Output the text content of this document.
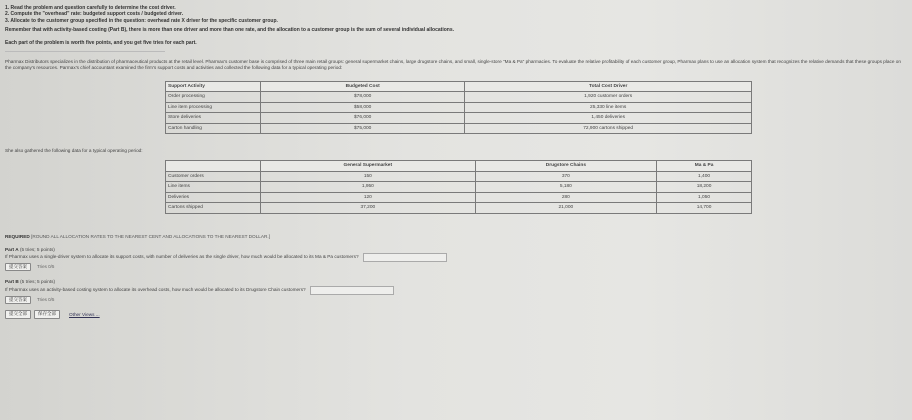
1. Read the problem and question carefully to determine the cost driver.
2. Compute the "overhead" rate: budgeted support costs / budgeted driver.
3. Allocate to the customer group specified in the question: overhead rate X driver for the specific customer group.
Remember that with activity-based costing (Part B), there is more than one driver and more than one rate, and the allocation to a customer group is the sum of several individual allocations.
Each part of the problem is worth five points, and you get five tries for each part.
Pharmax Distributors specializes in the distribution of pharmaceutical products at the retail level. Pharmax's customer base is comprised of three main retail groups: general supermarket chains, large drugstore chains, and small, single-store "Ma & Pa" pharmacies. To evaluate the relative profitability of each customer group, Pharmax plans to use an allocation system that recognizes the relative demands that these groups place on the company's resources. Parmax's chief accountant examined the firm's support costs and activities and collected the following data for a typical operating period:
Support Activity	Budgeted Cost	Total Cost Driver
Order processing	$78,000	1,920 customer orders
Line item processing	$58,000	25,330 line items
Store deliveries	$76,000	1,450 deliveries
Carton handling	$75,000	72,900 cartons shipped
She also gathered the following data for a typical operating period:
	General Supermarket	Drugstore Chains	Ma & Pa
Customer orders	150	370	1,400
Line items	1,950	5,180	18,200
Deliveries	120	280	1,050
Cartons shipped	37,200	21,000	14,700
REQUIRED [ROUND ALL ALLOCATION RATES TO THE NEAREST CENT AND ALLOCATIONS TO THE NEAREST DOLLAR.]
Part A (5 tries; 5 points)
If Pharmax uses a single-driver system to allocate its support costs, with number of deliveries as the single driver, how much would be allocated to its Ma & Pa customers?
提交答案	Tries 0/5
Part B (5 tries; 5 points)
If Pharmax uses an activity-based costing system to allocate its overhead costs, how much would be allocated to its Drugstore Chain customers?
提交答案	Tries 0/5
提交全部	保存全部	Other Views ...
